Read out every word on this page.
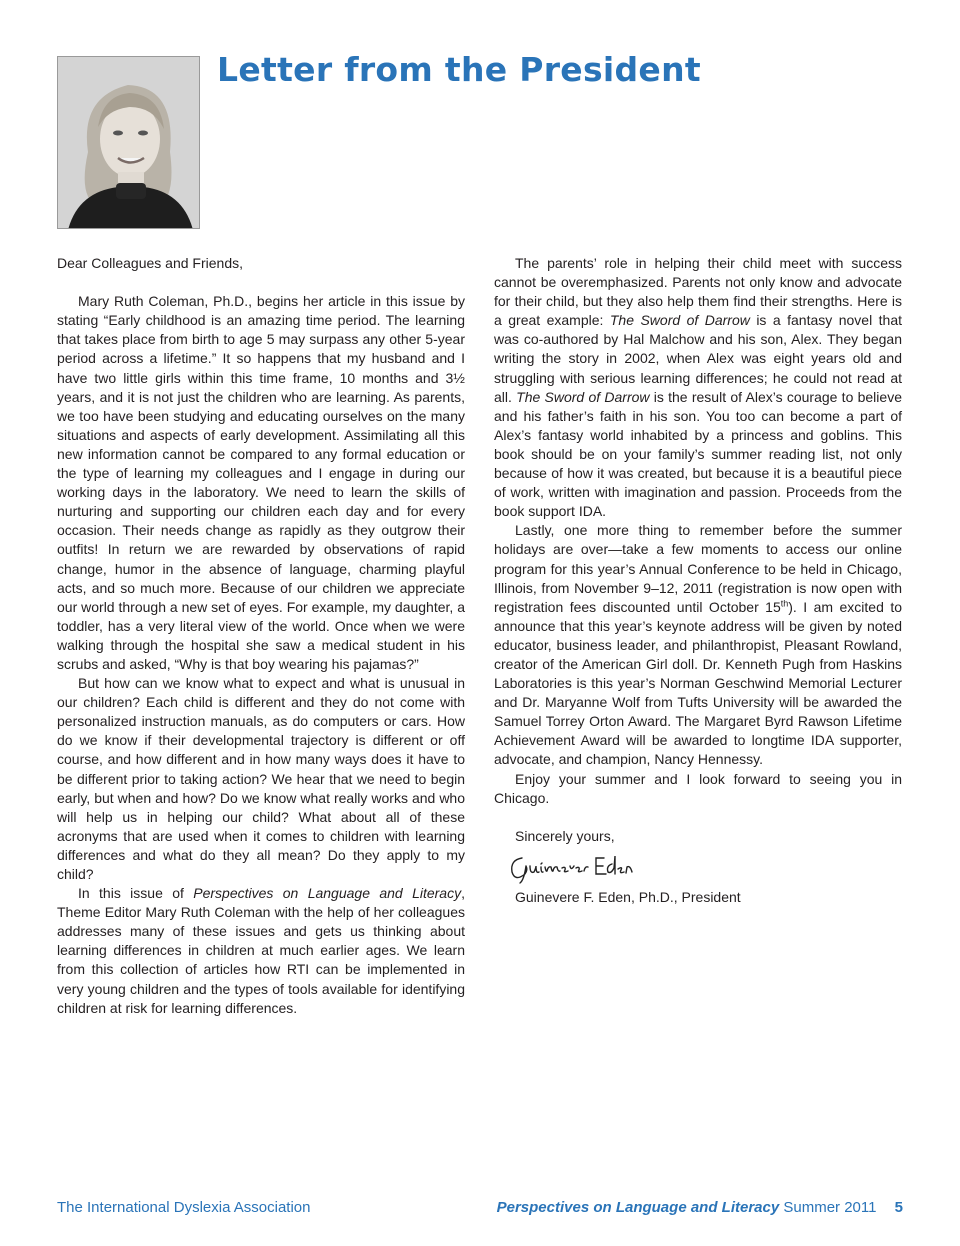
Letter from the President

Dear Colleagues and Friends,

Mary Ruth Coleman, Ph.D., begins her article in this issue by stating “Early childhood is an amazing time period. The learning that takes place from birth to age 5 may surpass any other 5-year period across a lifetime.” It so happens that my husband and I have two little girls within this time frame, 10 months and 3½ years, and it is not just the children who are learning. As parents, we too have been studying and educating ourselves on the many situations and aspects of early development. Assimilating all this new information cannot be compared to any formal education or the type of learning my colleagues and I engage in during our working days in the laboratory. We need to learn the skills of nurturing and supporting our children each day and for every occasion. Their needs change as rapidly as they outgrow their outfits! In return we are rewarded by observations of rapid change, humor in the absence of language, charming playful acts, and so much more. Because of our children we appreciate our world through a new set of eyes. For example, my daughter, a toddler, has a very literal view of the world. Once when we were walking through the hospital she saw a medical student in his scrubs and asked, “Why is that boy wearing his pajamas?”

But how can we know what to expect and what is unusual in our children? Each child is different and they do not come with personalized instruction manuals, as do computers or cars. How do we know if their developmental trajectory is different or off course, and how different and in how many ways does it have to be different prior to taking action? We hear that we need to begin early, but when and how? Do we know what really works and who will help us in helping our child? What about all of these acronyms that are used when it comes to children with learning differences and what do they all mean? Do they apply to my child?

In this issue of Perspectives on Language and Literacy, Theme Editor Mary Ruth Coleman with the help of her colleagues addresses many of these issues and gets us thinking about learning differences in children at much earlier ages. We learn from this collection of articles how RTI can be implemented in very young children and the types of tools available for identifying children at risk for learning differences.

The parents’ role in helping their child meet with success cannot be overemphasized. Parents not only know and advocate for their child, but they also help them find their strengths. Here is a great example: The Sword of Darrow is a fantasy novel that was co-authored by Hal Malchow and his son, Alex. They began writing the story in 2002, when Alex was eight years old and struggling with serious learning differences; he could not read at all. The Sword of Darrow is the result of Alex’s courage to believe and his father’s faith in his son. You too can become a part of Alex’s fantasy world inhabited by a princess and goblins. This book should be on your family’s summer reading list, not only because of how it was created, but because it is a beautiful piece of work, written with imagination and passion. Proceeds from the book support IDA.

Lastly, one more thing to remember before the summer holidays are over—take a few moments to access our online program for this year’s Annual Conference to be held in Chicago, Illinois, from November 9–12, 2011 (registration is now open with registration fees discounted until October 15th). I am excited to announce that this year’s keynote address will be given by noted educator, business leader, and philanthropist, Pleasant Rowland, creator of the American Girl doll. Dr. Kenneth Pugh from Haskins Laboratories is this year’s Norman Geschwind Memorial Lecturer and Dr. Maryanne Wolf from Tufts University will be awarded the Samuel Torrey Orton Award. The Margaret Byrd Rawson Lifetime Achievement Award will be awarded to longtime IDA supporter, advocate, and champion, Nancy Hennessy.

Enjoy your summer and I look forward to seeing you in Chicago.

Sincerely yours,

Guinevere F. Eden, Ph.D., President

The International Dyslexia Association	Perspectives on Language and Literacy Summer 2011 5
